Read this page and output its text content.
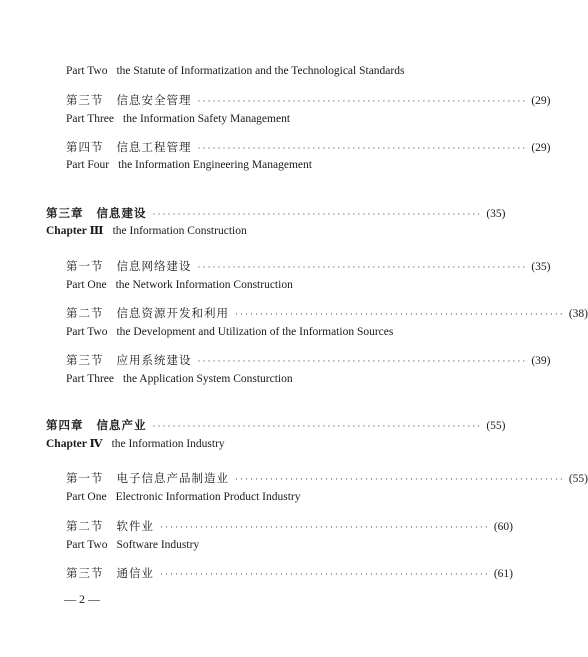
Part Two the Statute of Informatization and the Technological Standards
第三节 信息安全管理 ·································································· (29)
Part Three the Information Safety Management
第四节 信息工程管理 ·································································· (29)
Part Four the Information Engineering Management
第三章 信息建设 ·································································· (35)
Chapter Ⅲ the Information Construction
第一节 信息网络建设 ·································································· (35)
Part One the Network Information Construction
第二节 信息资源开发和利用 ·································································· (38)
Part Two the Development and Utilization of the Information Sources
第三节 应用系统建设 ·································································· (39)
Part Three the Application System Consturction
第四章 信息产业 ·································································· (55)
Chapter Ⅳ the Information Industry
第一节 电子信息产品制造业 ·································································· (55)
Part One Electronic Information Product Industry
第二节 软件业 ·································································· (60)
Part Two Software Industry
第三节 通信业 ·································································· (61)
— 2 —
